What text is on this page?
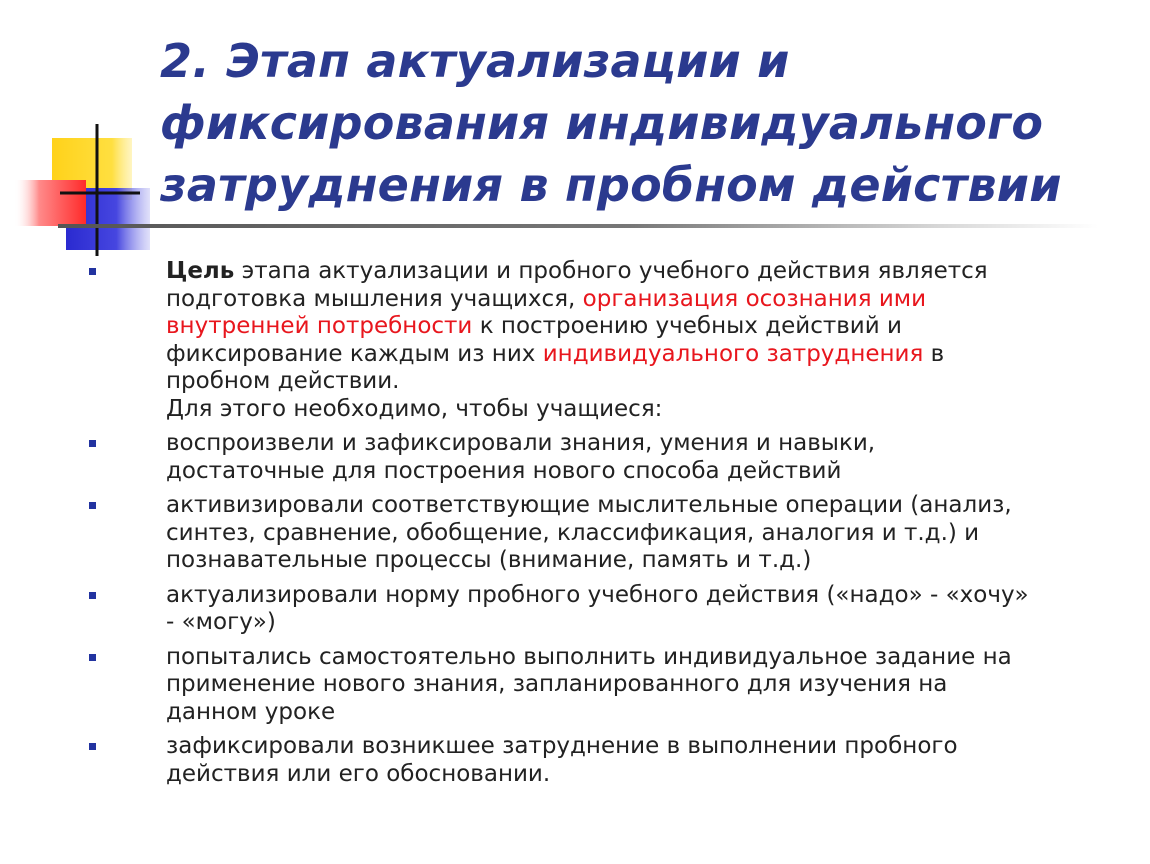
2. Этап актуализации и
фиксирования индивидуального
затруднения в пробном действии
Цель этапа актуализации и пробного учебного действия является
подготовка мышления учащихся, организация осознания ими
внутренней потребности к построению учебных действий и
фиксирование каждым из них индивидуального затруднения в
пробном действии.
Для этого необходимо, чтобы учащиеся:
воспроизвели и зафиксировали знания, умения и навыки,
достаточные для построения нового способа действий
активизировали соответствующие мыслительные операции (анализ,
синтез, сравнение, обобщение, классификация, аналогия и т.д.) и
познавательные процессы (внимание, память и т.д.)
актуализировали норму пробного учебного действия («надо» - «хочу»
- «могу»)
попытались самостоятельно выполнить индивидуальное задание на
применение нового знания, запланированного для изучения на
данном уроке
зафиксировали возникшее затруднение в выполнении пробного
действия или его обосновании.
